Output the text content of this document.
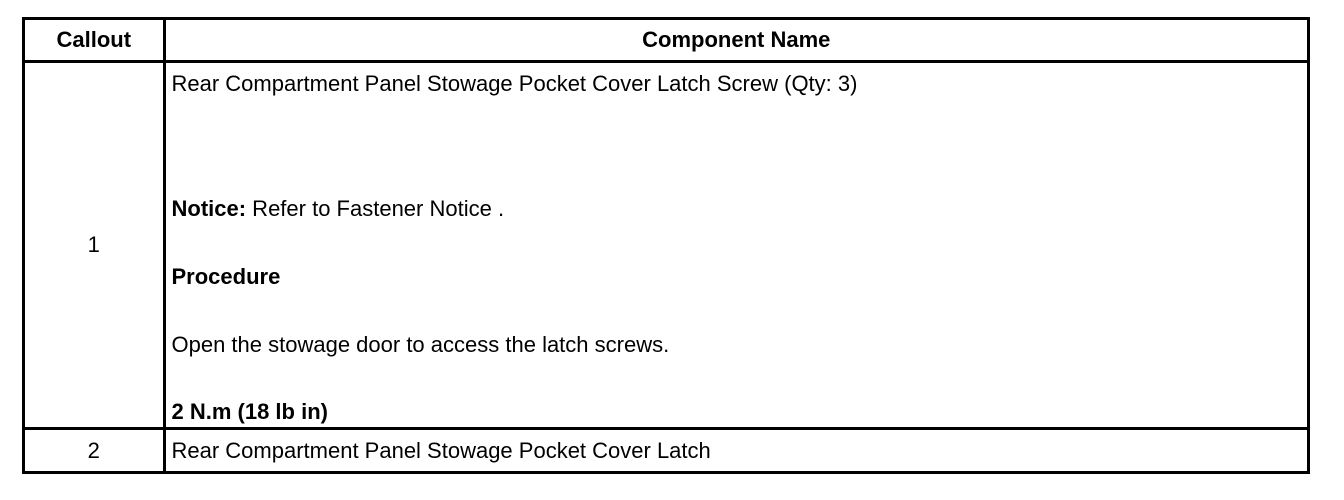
Callout	Component Name
1	Rear Compartment Panel Stowage Pocket Cover Latch Screw (Qty: 3)
Notice: Refer to Fastener Notice .
Procedure
Open the stowage door to access the latch screws.
2 N.m (18 lb in)

2	Rear Compartment Panel Stowage Pocket Cover Latch
